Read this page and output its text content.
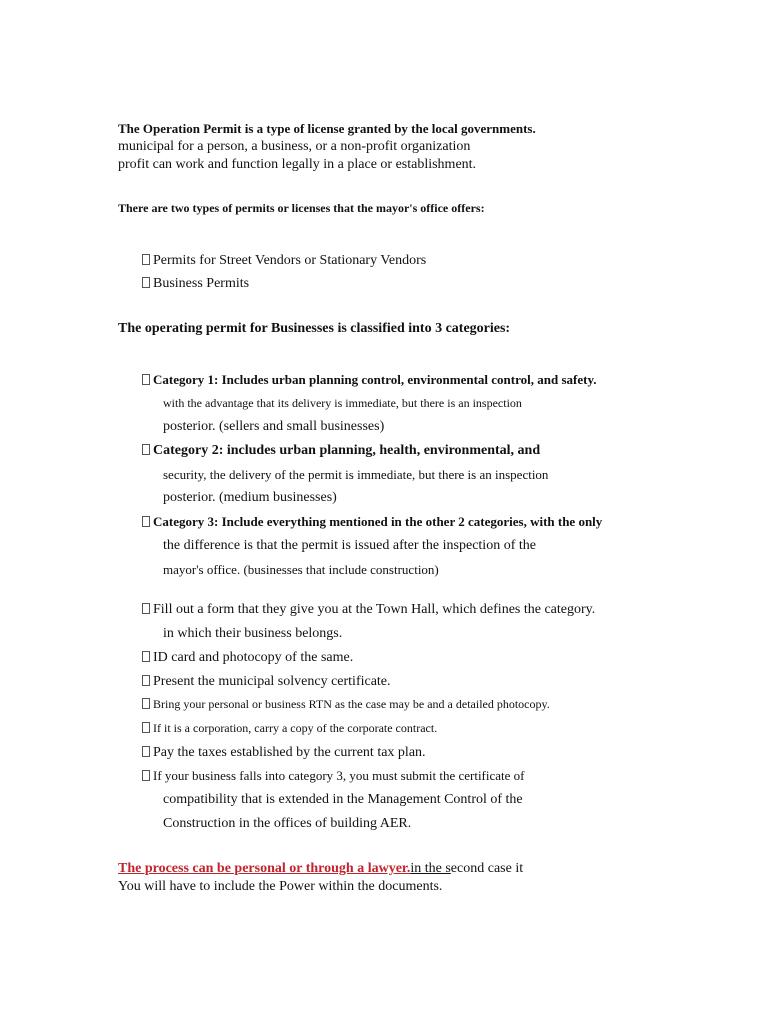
The Operation Permit is a type of license granted by the local governments.
municipal for a person, a business, or a non-profit organization
profit can work and function legally in a place or establishment.
There are two types of permits or licenses that the mayor's office offers:
Permits for Street Vendors or Stationary Vendors
Business Permits
The operating permit for Businesses is classified into 3 categories:
Category 1: Includes urban planning control, environmental control, and safety.
with the advantage that its delivery is immediate, but there is an inspection
posterior. (sellers and small businesses)
Category 2: includes urban planning, health, environmental, and
security, the delivery of the permit is immediate, but there is an inspection
posterior. (medium businesses)
Category 3: Include everything mentioned in the other 2 categories, with the only
the difference is that the permit is issued after the inspection of the
mayor's office. (businesses that include construction)
Fill out a form that they give you at the Town Hall, which defines the category.
in which their business belongs.
ID card and photocopy of the same.
Present the municipal solvency certificate.
Bring your personal or business RTN as the case may be and a detailed photocopy.
If it is a corporation, carry a copy of the corporate contract.
Pay the taxes established by the current tax plan.
If your business falls into category 3, you must submit the certificate of
compatibility that is extended in the Management Control of the
Construction in the offices of building AER.
The process can be personal or through a lawyer.in the second case it
You will have to include the Power within the documents.
